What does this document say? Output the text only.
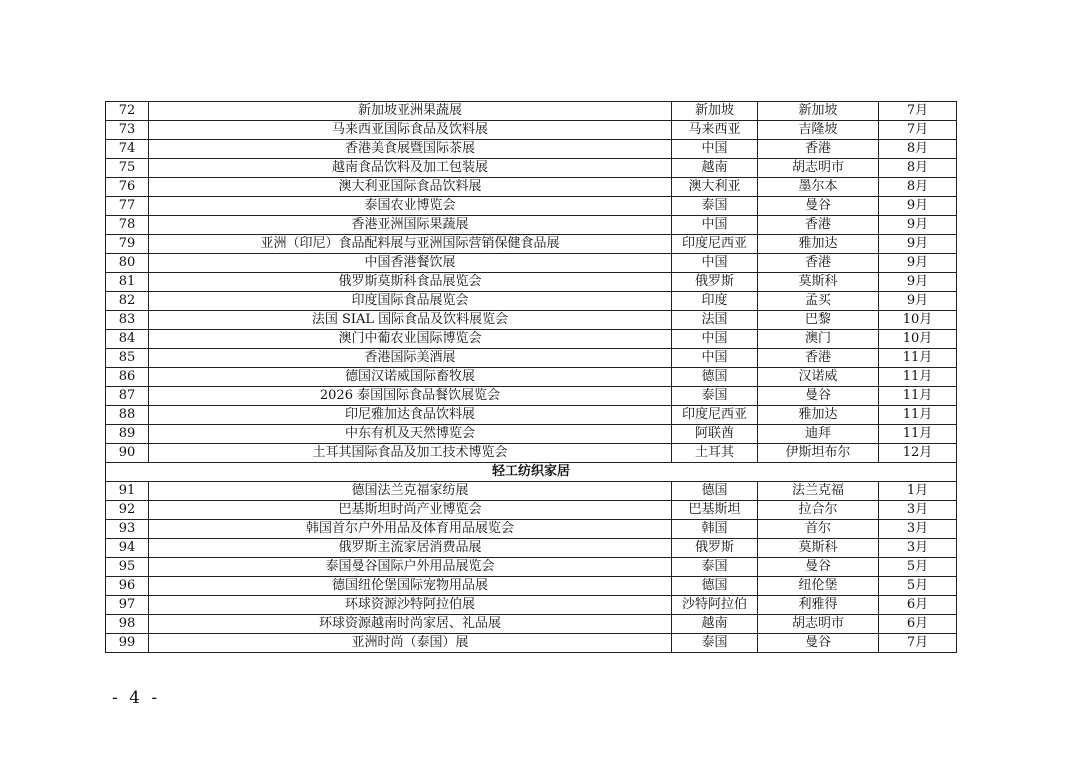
72	新加坡亚洲果蔬展	新加坡	新加坡	7月
73	马来西亚国际食品及饮料展	马来西亚	吉隆坡	7月
74	香港美食展暨国际茶展	中国	香港	8月
75	越南食品饮料及加工包装展	越南	胡志明市	8月
76	澳大利亚国际食品饮料展	澳大利亚	墨尔本	8月
77	泰国农业博览会	泰国	曼谷	9月
78	香港亚洲国际果蔬展	中国	香港	9月
79	亚洲（印尼）食品配料展与亚洲国际营销保健食品展	印度尼西亚	雅加达	9月
80	中国香港餐饮展	中国	香港	9月
81	俄罗斯莫斯科食品展览会	俄罗斯	莫斯科	9月
82	印度国际食品展览会	印度	孟买	9月
83	法国 SIAL 国际食品及饮料展览会	法国	巴黎	10月
84	澳门中葡农业国际博览会	中国	澳门	10月
85	香港国际美酒展	中国	香港	11月
86	德国汉诺威国际畜牧展	德国	汉诺威	11月
87	2026 泰国国际食品餐饮展览会	泰国	曼谷	11月
88	印尼雅加达食品饮料展	印度尼西亚	雅加达	11月
89	中东有机及天然博览会	阿联酋	迪拜	11月
90	土耳其国际食品及加工技术博览会	土耳其	伊斯坦布尔	12月
轻工纺织家居				
91	德国法兰克福家纺展	德国	法兰克福	1月
92	巴基斯坦时尚产业博览会	巴基斯坦	拉合尔	3月
93	韩国首尔户外用品及体育用品展览会	韩国	首尔	3月
94	俄罗斯主流家居消费品展	俄罗斯	莫斯科	3月
95	泰国曼谷国际户外用品展览会	泰国	曼谷	5月
96	德国纽伦堡国际宠物用品展	德国	纽伦堡	5月
97	环球资源沙特阿拉伯展	沙特阿拉伯	利雅得	6月
98	环球资源越南时尚家居、礼品展	越南	胡志明市	6月
99	亚洲时尚（泰国）展	泰国	曼谷	7月
- 4 -
